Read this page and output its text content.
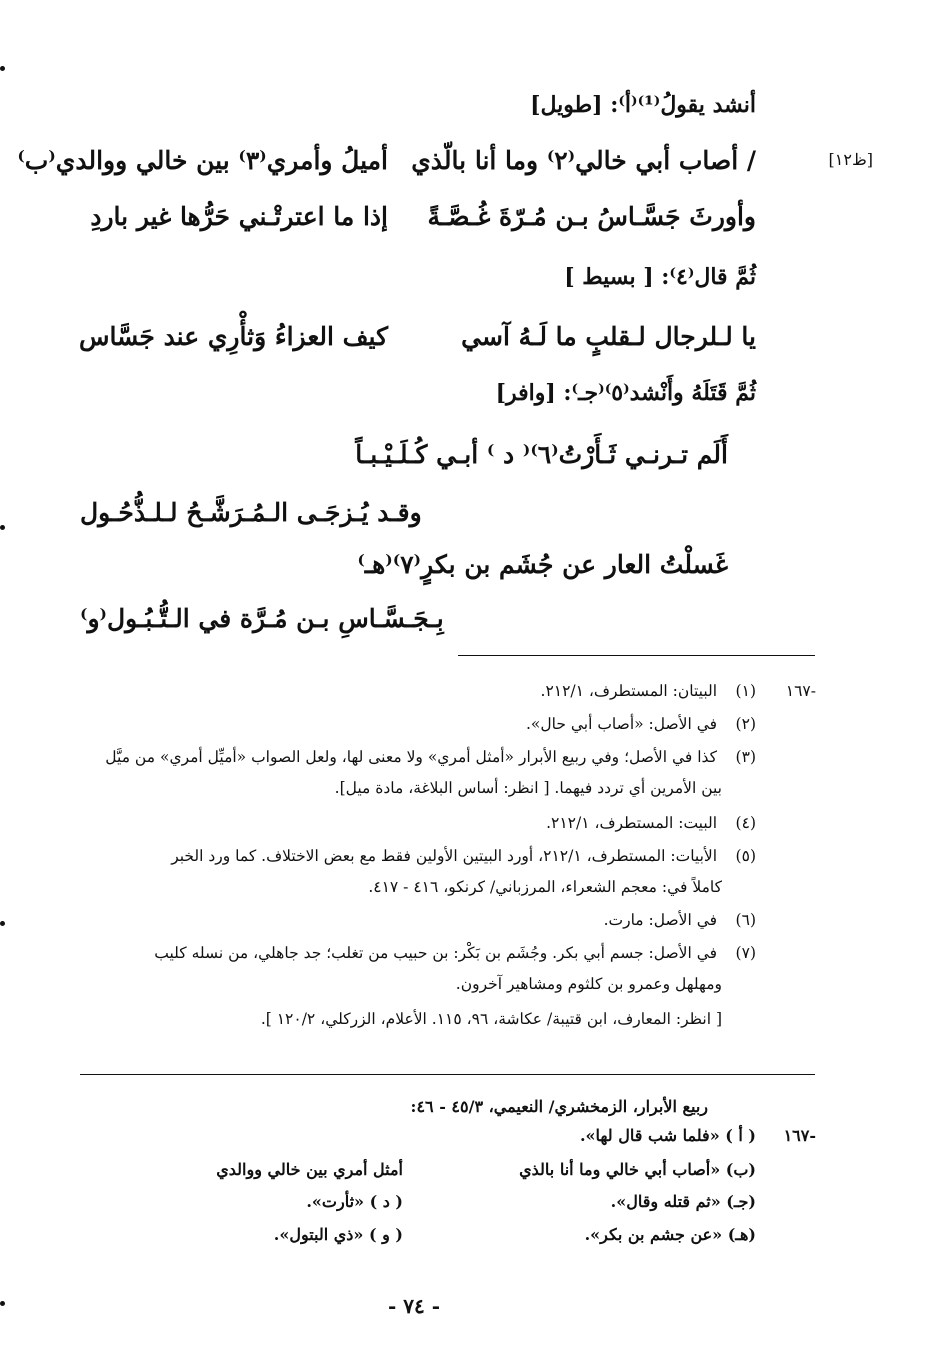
[ظ١٢]
أنشد يقولُ⁽¹⁾⁽أ⁾: [طويل]
/ أصاب أبي خالي⁽٢⁾ وما أنا بالّذي
أميلُ وأمري⁽٣⁾ بين خالي ووالدي⁽ب⁾
وأورثَ جَسَّـاسُ بـن مُـرّةَ غُـصَّـةً
إذا ما اعترتْـني حَرُّها غير باردِ
ثُمَّ قال⁽٤⁾: [ بسيط ]
يا لـلرجال لـقلبٍ ما لَـهُ آسي
كيف العزاءُ وَثأْرِي عند جَسَّاس
ثُمَّ قَتَلَهُ وأَنْشد⁽٥⁾⁽جـ⁾: [وافر]
أَلَم تـرنـي ثَـأَرْتُ⁽٦⁾⁽ د ⁾ أبـي كُـلَـيْـبـاً
وقـد يُـزجَـى الـمُـرَشَّـحُ لـلـذُّحُـول
غَسلْتُ العار عن جُشَم بن بكرٍ⁽٧⁾⁽هـ⁾
بِـجَـسَّـاسِ بـن مُـرَّة في الـتُّـبُـول⁽و⁾
١٦٧-
(١) البيتان: المستطرف، ٢١٢/١.
(٢) في الأصل: «أصاب أبي حال».
(٣) كذا في الأصل؛ وفي ربيع الأبرار «أمثل أمري» ولا معنى لها، ولعل الصواب «أميِّل أمري» من ميَّل
بين الأمرين أي تردد فيهما. [ انظر: أساس البلاغة، مادة ميل].
(٤) البيت: المستطرف، ٢١٢/١.
(٥) الأبيات: المستطرف، ٢١٢/١، أورد البيتين الأولين فقط مع بعض الاختلاف. كما ورد الخبر
كاملاً في: معجم الشعراء، المرزباني/ كرنكو، ٤١٦ - ٤١٧.
(٦) في الأصل: مارت.
(٧) في الأصل: جسم أبي بكر. وجُشَم بن بَكْر: بن حبيب من تغلب؛ جد جاهلي، من نسله كليب
ومهلهل وعمرو بن كلثوم ومشاهير آخرون.
[ انظر: المعارف، ابن قتيبة/ عكاشة، ٩٦، ١١٥. الأعلام، الزركلي، ١٢٠/٢ ].
ربيع الأبرار، الزمخشري/ النعيمي، ٤٥/٣ - ٤٦:
١٦٧-
( أ ) «فلما شب قال لها».
(ب) «أصاب أبي خالي وما أنا بالذي
أمثل أمري بين خالي ووالدي
(جـ) «ثم قتله وقال».
( د ) «ثأرت».
(هـ) «عن جشم بن بكر».
( و ) «ذي البتول».
- ٧٤ -
